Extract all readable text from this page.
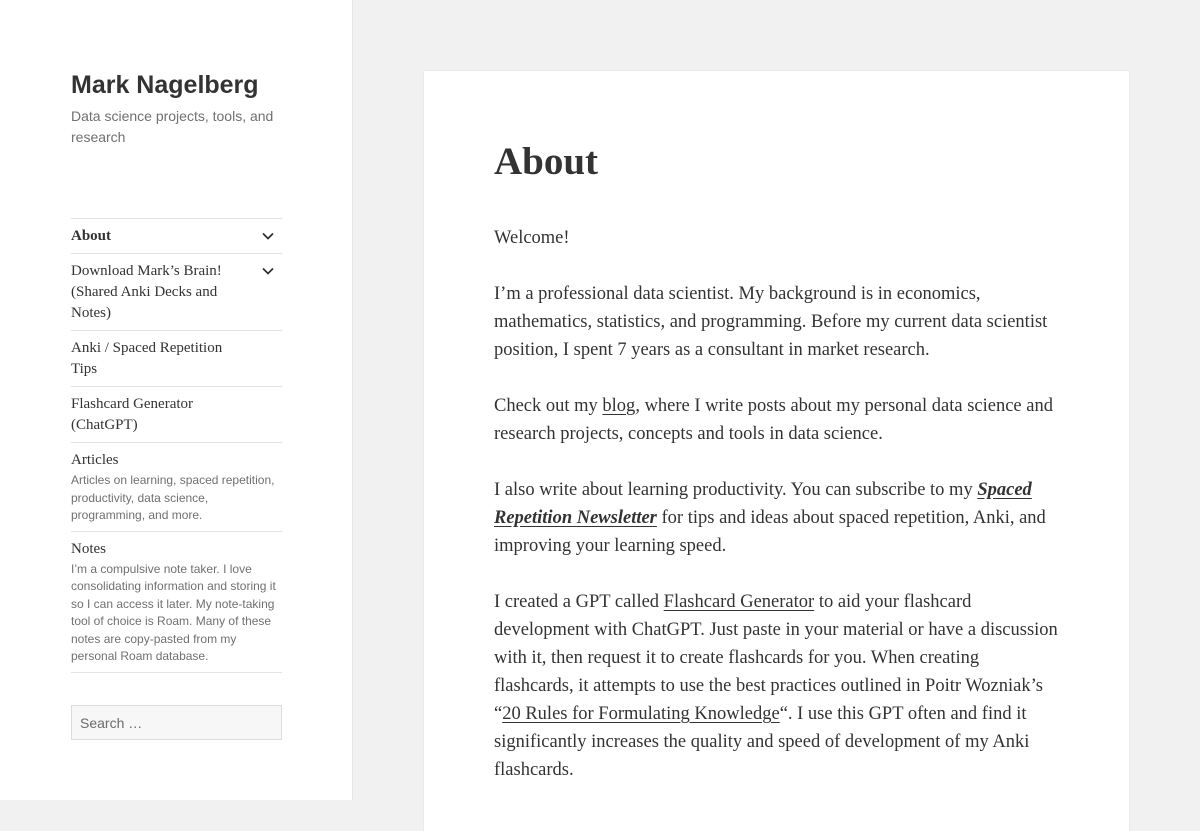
Mark Nagelberg

Data science projects, tools, and research

About
Download Mark’s Brain! (Shared Anki Decks and Notes)
Anki / Spaced Repetition Tips
Flashcard Generator (ChatGPT)
Articles
Articles on learning, spaced repetition, productivity, data science, programming, and more.
Notes
I’m a compulsive note taker. I love consolidating information and storing it so I can access it later. My note-taking tool of choice is Roam. Many of these notes are copy-pasted from my personal Roam database.
Search …
About

Welcome!

I’m a professional data scientist. My background is in economics, mathematics, statistics, and programming. Before my current data scientist position, I spent 7 years as a consultant in market research.

Check out my blog, where I write posts about my personal data science and research projects, concepts and tools in data science.

I also write about learning productivity. You can subscribe to my Spaced Repetition Newsletter for tips and ideas about spaced repetition, Anki, and improving your learning speed.

I created a GPT called Flashcard Generator to aid your flashcard development with ChatGPT. Just paste in your material or have a discussion with it, then request it to create flashcards for you. When creating flashcards, it attempts to use the best practices outlined in Poitr Wozniak’s “20 Rules for Formulating Knowledge“. I use this GPT often and find it significantly increases the quality and speed of development of my Anki flashcards.
